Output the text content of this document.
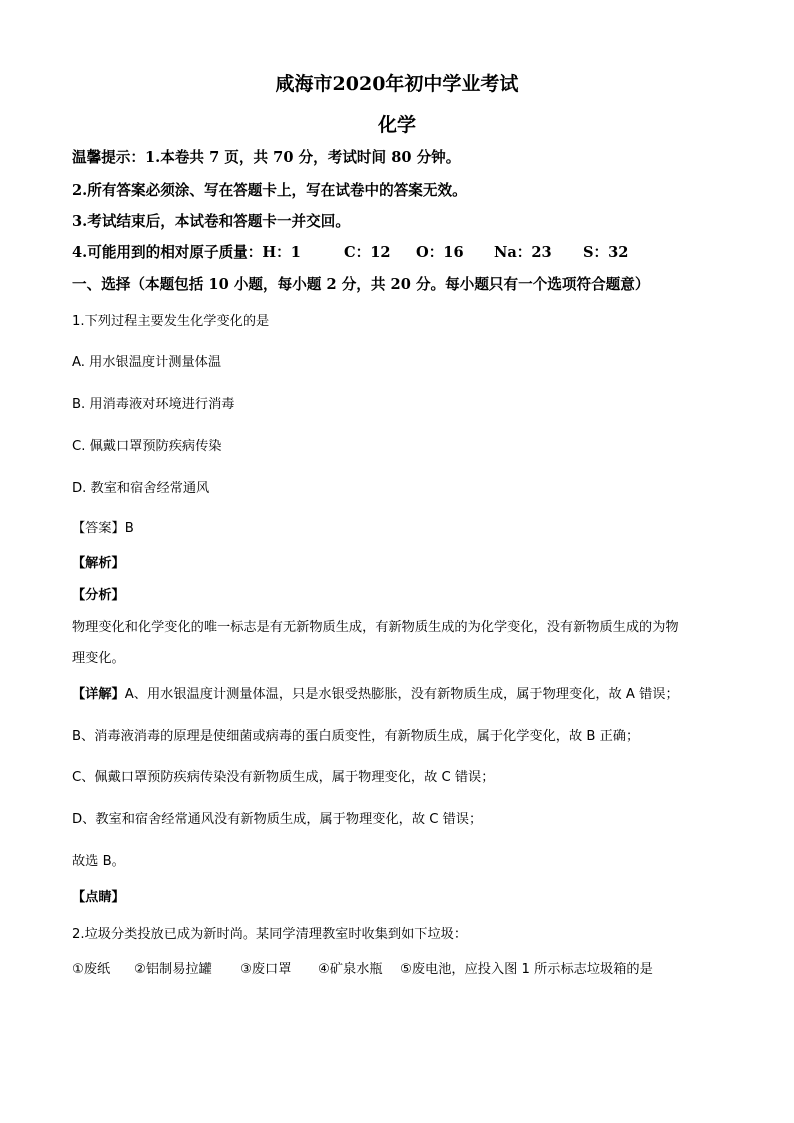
咸海市2020年初中学业考试
化学
温馨提示：1.本卷共 7 页，共 70 分，考试时间 80 分钟。
2.所有答案必须涂、写在答题卡上，写在试卷中的答案无效。
3.考试结束后，本试卷和答题卡一并交回。
4.可能用到的相对原子质量：H：1	C：12 O：16 Na：23 S：32
一、选择（本题包括 10 小题，每小题 2 分，共 20 分。每小题只有一个选项符合题意）
1.下列过程主要发生化学变化的是
A. 用水银温度计测量体温
B. 用消毒液对环境进行消毒
C. 佩戴口罩预防疾病传染
D. 教室和宿舍经常通风
【答案】B
【解析】
【分析】
物理变化和化学变化的唯一标志是有无新物质生成，有新物质生成的为化学变化，没有新物质生成的为物
理变化。
【详解】A、用水银温度计测量体温，只是水银受热膨胀，没有新物质生成，属于物理变化，故 A 错误；
B、消毒液消毒的原理是使细菌或病毒的蛋白质变性，有新物质生成，属于化学变化，故 B 正确；
C、佩戴口罩预防疾病传染没有新物质生成，属于物理变化，故 C 错误；
D、教室和宿舍经常通风没有新物质生成，属于物理变化，故 C 错误；
故选 B。
【点睛】
2.垃圾分类投放已成为新时尚。某同学清理教室时收集到如下垃圾：
①废纸 ②铝制易拉罐 ③废口罩 ④矿泉水瓶 ⑤废电池，应投入图 1 所示标志垃圾箱的是
